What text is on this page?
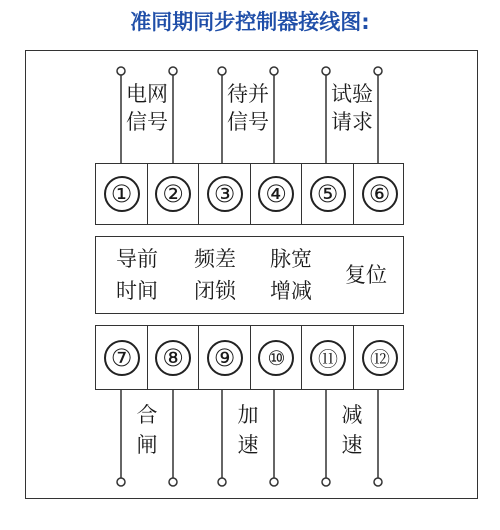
准同期同步控制器接线图:
电网
信号
待并
信号
试验
请求
①	②	③	④	⑤	⑥
导前
时间
频差
闭锁
脉宽
增减
复位
⑦	⑧	⑨	⑩	⑪	⑫
合
闸
加
速
减
速
